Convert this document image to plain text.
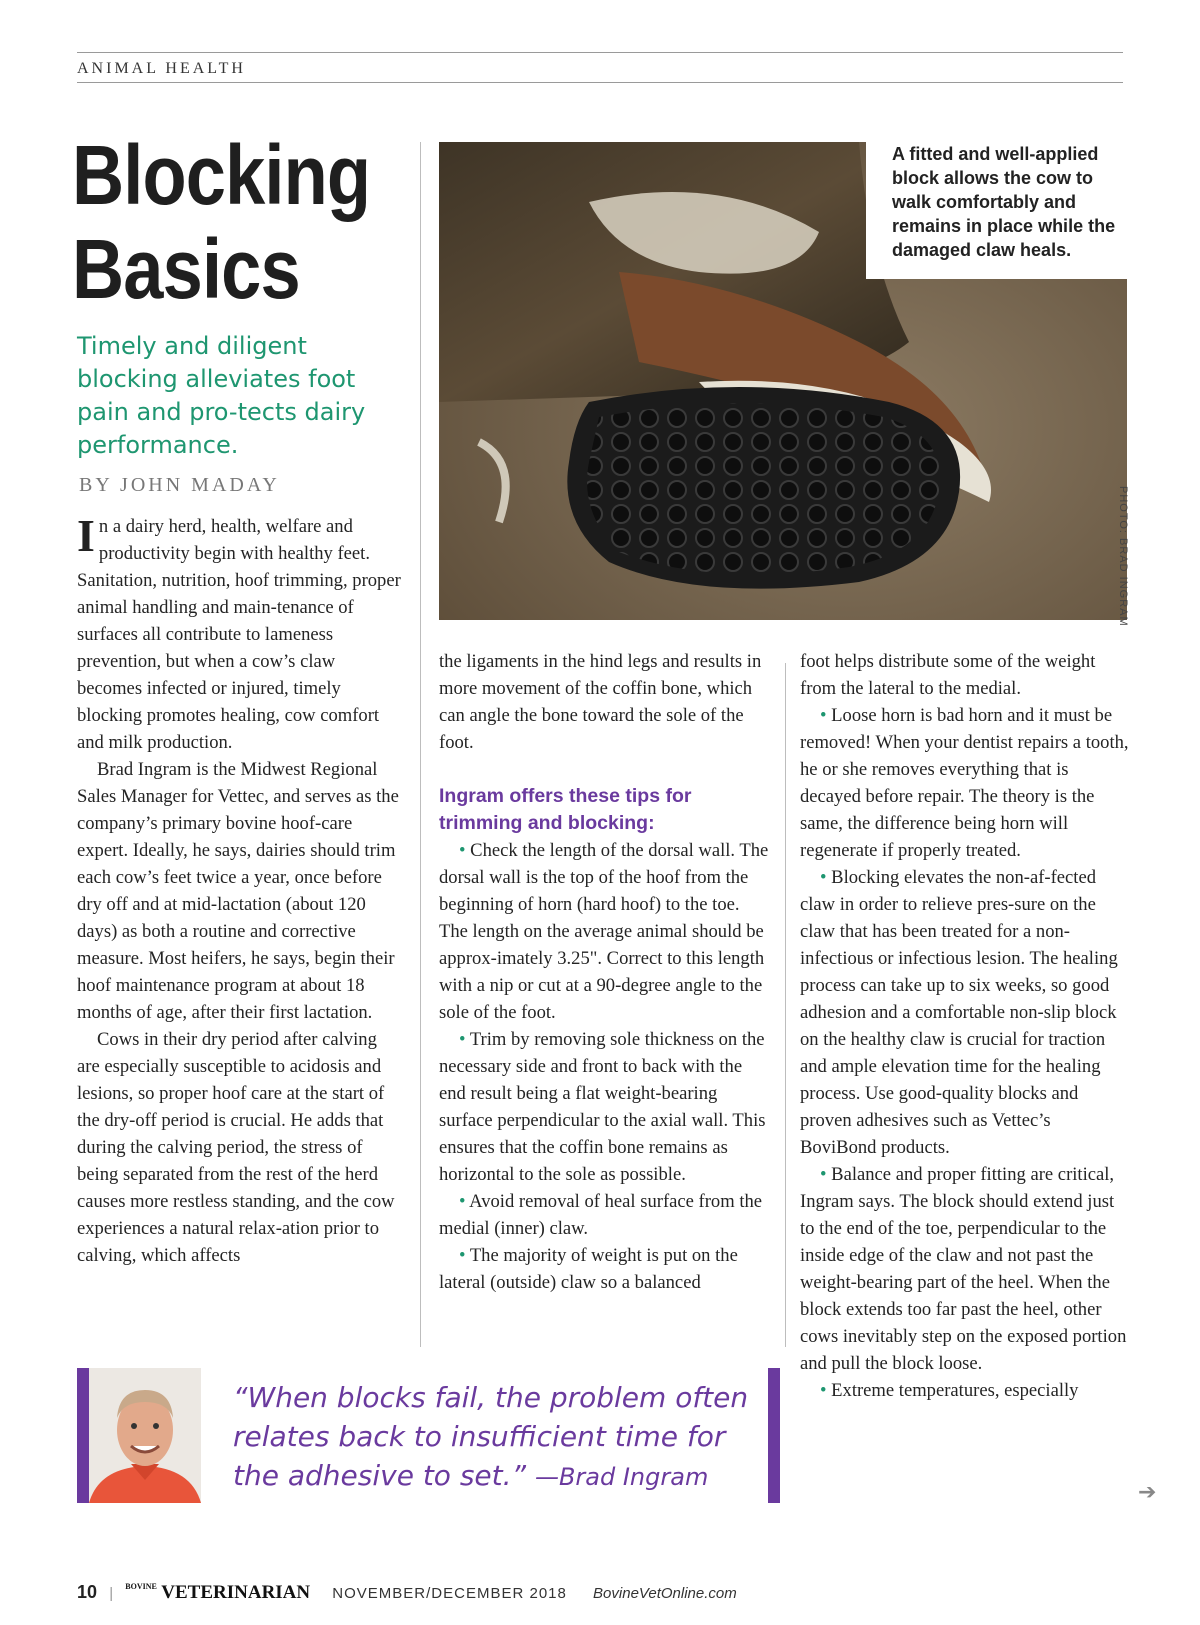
ANIMAL HEALTH
Blocking Basics
Timely and diligent blocking alleviates foot pain and pro-tects dairy performance.
BY JOHN MADAY
A fitted and well-applied block allows the cow to walk comfortably and remains in place while the damaged claw heals.
PHOTO: BRAD INGRAM

In a dairy herd, health, welfare and productivity begin with healthy feet. Sanitation, nutrition, hoof trimming, proper animal handling and main-tenance of surfaces all contribute to lameness prevention, but when a cow’s claw becomes infected or injured, timely blocking promotes healing, cow comfort and milk production.

Brad Ingram is the Midwest Regional Sales Manager for Vettec, and serves as the company’s primary bovine hoof-care expert. Ideally, he says, dairies should trim each cow’s feet twice a year, once before dry off and at mid-lactation (about 120 days) as both a routine and corrective measure. Most heifers, he says, begin their hoof maintenance program at about 18 months of age, after their first lactation.

Cows in their dry period after calving are especially susceptible to acidosis and lesions, so proper hoof care at the start of the dry-off period is crucial. He adds that during the calving period, the stress of being separated from the rest of the herd causes more restless standing, and the cow experiences a natural relax-ation prior to calving, which affects

the ligaments in the hind legs and results in more movement of the coffin bone, which can angle the bone toward the sole of the foot.

Ingram offers these tips for trimming and blocking:

• Check the length of the dorsal wall. The dorsal wall is the top of the hoof from the beginning of horn (hard hoof) to the toe. The length on the average animal should be approx-imately 3.25". Correct to this length with a nip or cut at a 90-degree angle to the sole of the foot.

• Trim by removing sole thickness on the necessary side and front to back with the end result being a flat weight-bearing surface perpendicular to the axial wall. This ensures that the coffin bone remains as horizontal to the sole as possible.

• Avoid removal of heal surface from the medial (inner) claw.

• The majority of weight is put on the lateral (outside) claw so a balanced

foot helps distribute some of the weight from the lateral to the medial.

• Loose horn is bad horn and it must be removed! When your dentist repairs a tooth, he or she removes everything that is decayed before repair. The theory is the same, the difference being horn will regenerate if properly treated.

• Blocking elevates the non-af-fected claw in order to relieve pres-sure on the claw that has been treated for a non-infectious or infectious lesion. The healing process can take up to six weeks, so good adhesion and a comfortable non-slip block on the healthy claw is crucial for traction and ample elevation time for the healing process. Use good-quality blocks and proven adhesives such as Vettec’s BoviBond products.

• Balance and proper fitting are critical, Ingram says. The block should extend just to the end of the toe, perpendicular to the inside edge of the claw and not past the weight-bearing part of the heel. When the block extends too far past the heel, other cows inevitably step on the exposed portion and pull the block loose.

• Extreme temperatures, especially

➔
“When blocks fail, the problem often relates back to insufficient time for the adhesive to set.” —Brad Ingram
10 | $^{BOVINE}$ VETERINARIAN NOVEMBER/DECEMBER 2018 BovineVetOnline.com
